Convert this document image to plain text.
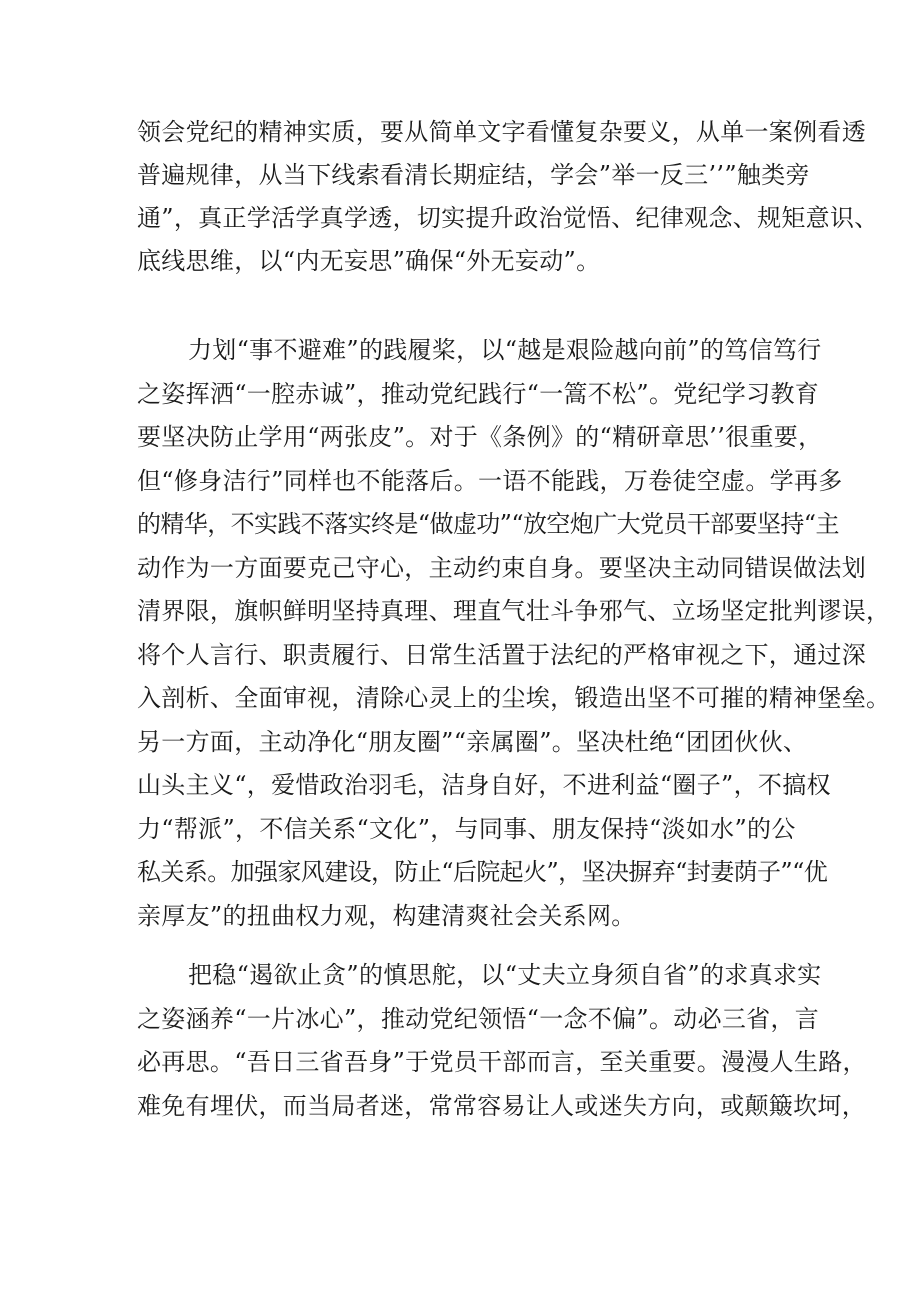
领会党纪的精神实质，要从简单文字看懂复杂要义，从单一案例看透

普遍规律，从当下线索看清长期症结，学会”举一反三’’”触类旁

通”，真正学活学真学透，切实提升政治觉悟、纪律观念、规矩意识、

底线思维，以“内无妄思”确保“外无妄动”。

力划“事不避难”的践履桨，以“越是艰险越向前”的笃信笃行

之姿挥洒“一腔赤诚”，推动党纪践行“一篙不松”。党纪学习教育

要坚决防止学用“两张皮”。对于《条例》的“精研章思’’很重要，

但“修身洁行”同样也不能落后。一语不能践，万卷徒空虚。学再多

的精华，不实践不落实终是“做虚功”“放空炮广大党员干部要坚持“主

动作为一方面要克己守心，主动约束自身。要坚决主动同错误做法划

清界限，旗帜鲜明坚持真理、理直气壮斗争邪气、立场坚定批判谬误，

将个人言行、职责履行、日常生活置于法纪的严格审视之下，通过深

入剖析、全面审视，清除心灵上的尘埃，锻造出坚不可摧的精神堡垒。

另一方面，主动净化“朋友圈”“亲属圈”。坚决杜绝“团团伙伙、

山头主义“，爱惜政治羽毛，洁身自好，不进利益“圈子”，不搞权

力“帮派”，不信关系“文化”，与同事、朋友保持“淡如水”的公

私关系。加强家风建设，防止“后院起火”，坚决摒弃“封妻荫子”“优

亲厚友”的扭曲权力观，构建清爽社会关系网。

把稳“遏欲止贪”的慎思舵，以“丈夫立身须自省”的求真求实

之姿涵养“一片冰心”，推动党纪领悟“一念不偏”。动必三省，言

必再思。“吾日三省吾身”于党员干部而言，至关重要。漫漫人生路，

难免有埋伏，而当局者迷，常常容易让人或迷失方向，或颠簸坎坷，
